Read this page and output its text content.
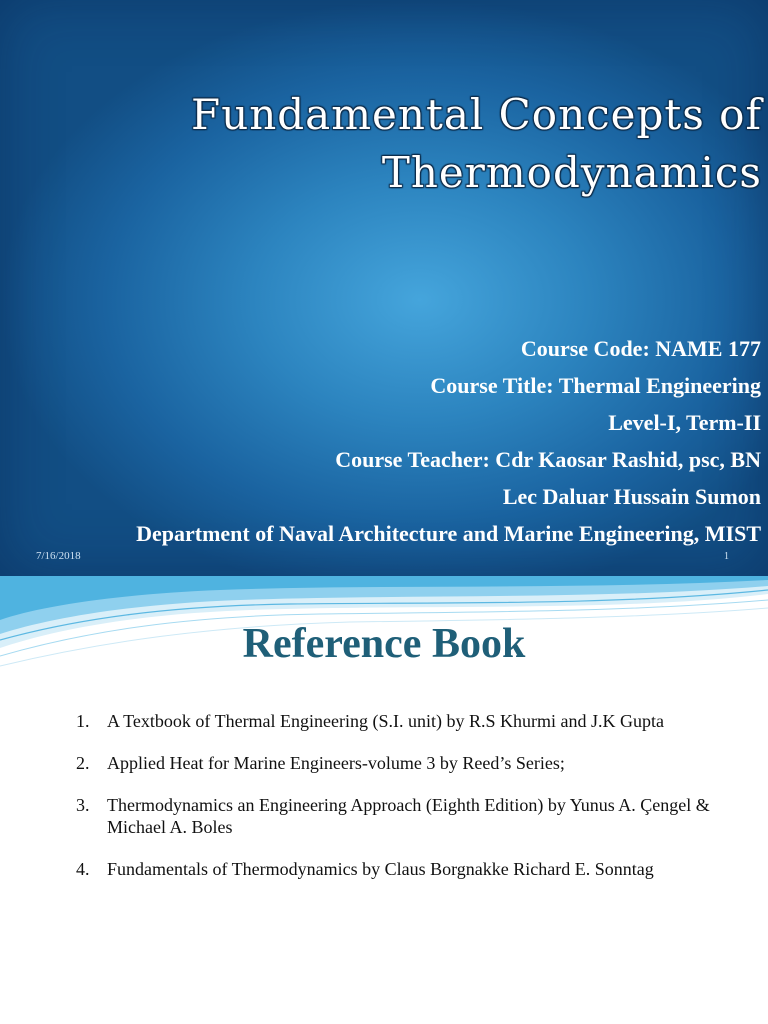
Fundamental Concepts of
Thermodynamics
Course Code: NAME 177
Course Title: Thermal Engineering
Level-I, Term-II
Course Teacher: Cdr Kaosar Rashid, psc, BN
Lec Daluar Hussain Sumon
Department of Naval Architecture and Marine Engineering, MIST
7/16/2018	1
Reference Book
1. A Textbook of Thermal Engineering (S.I. unit) by R.S Khurmi and J.K Gupta
2. Applied Heat for Marine Engineers-volume 3 by Reed’s Series;
3. Thermodynamics an Engineering Approach (Eighth Edition) by Yunus A. Çengel & Michael A. Boles
4. Fundamentals of Thermodynamics by Claus Borgnakke Richard E. Sonntag
